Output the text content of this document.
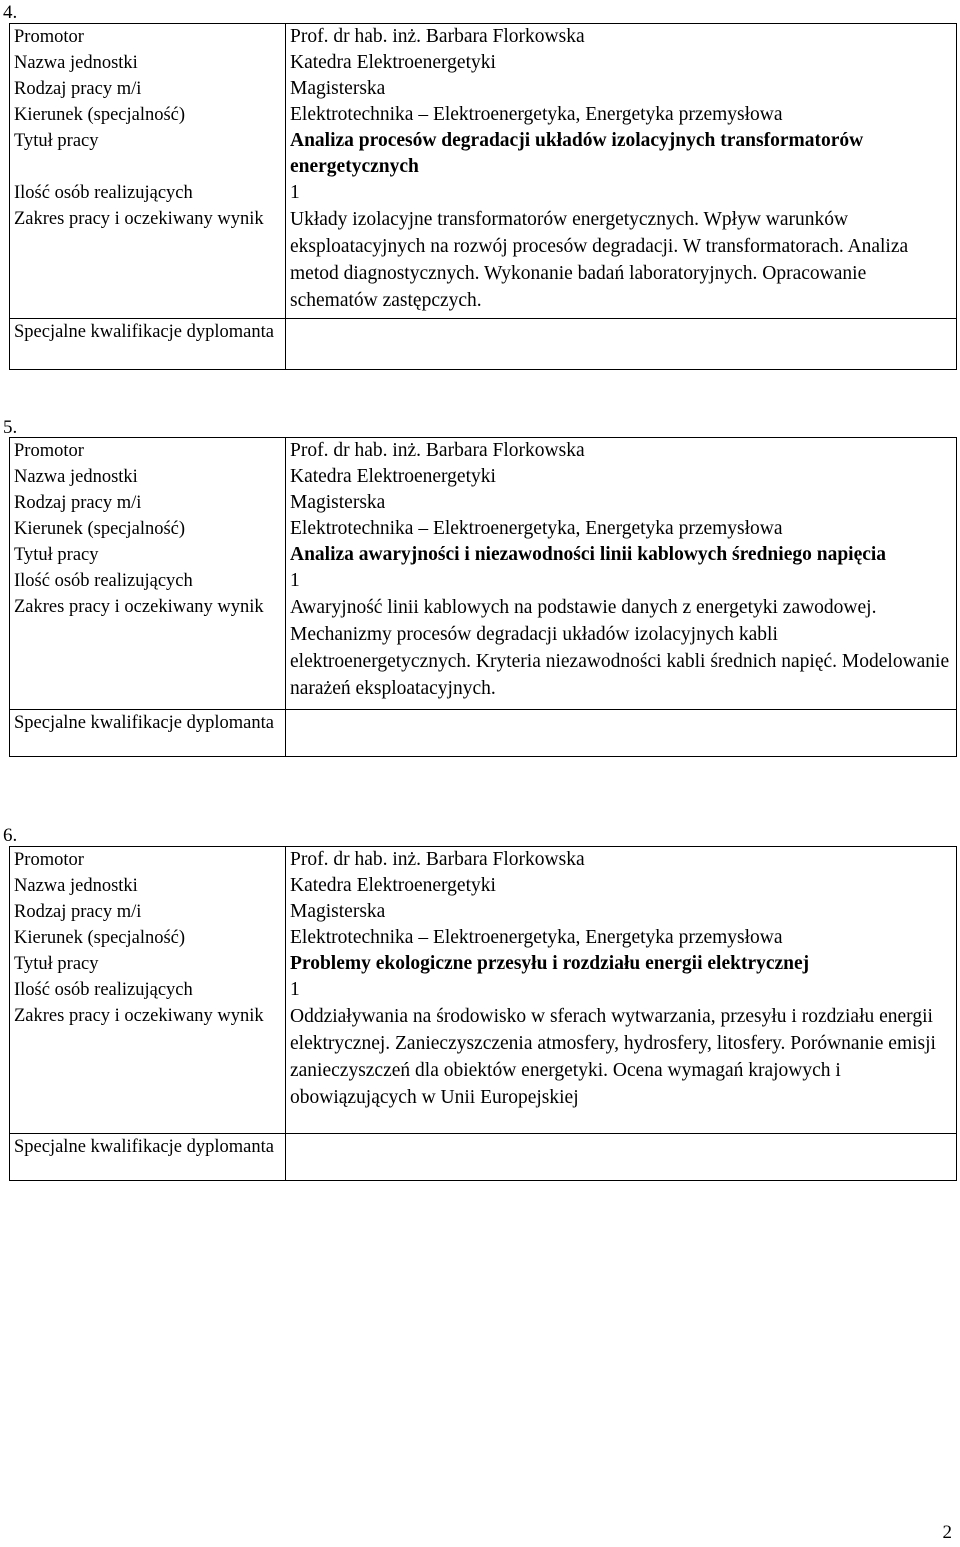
4.
Promotor	Prof. dr hab. inż. Barbara Florkowska
Nazwa jednostki	Katedra Elektroenergetyki
Rodzaj pracy m/i	Magisterska
Kierunek (specjalność)	Elektrotechnika – Elektroenergetyka, Energetyka przemysłowa
Tytuł pracy	Analiza procesów degradacji układów izolacyjnych transformatorów energetycznych
Ilość osób realizujących	1
Zakres pracy i oczekiwany wynik	Układy izolacyjne transformatorów energetycznych. Wpływ warunków eksploatacyjnych na rozwój procesów degradacji. W transformatorach. Analiza metod diagnostycznych. Wykonanie badań laboratoryjnych. Opracowanie schematów zastępczych.
Specjalne kwalifikacje dyplomanta	
5.
Promotor	Prof. dr hab. inż. Barbara Florkowska
Nazwa jednostki	Katedra Elektroenergetyki
Rodzaj pracy m/i	Magisterska
Kierunek (specjalność)	Elektrotechnika – Elektroenergetyka, Energetyka przemysłowa
Tytuł pracy	Analiza awaryjności i niezawodności linii kablowych średniego napięcia
Ilość osób realizujących	1
Zakres pracy i oczekiwany wynik	Awaryjność linii kablowych na podstawie danych z energetyki zawodowej. Mechanizmy procesów degradacji układów izolacyjnych kabli elektroenergetycznych. Kryteria niezawodności kabli średnich napięć. Modelowanie narażeń eksploatacyjnych.
Specjalne kwalifikacje dyplomanta	
6.
Promotor	Prof. dr hab. inż. Barbara Florkowska
Nazwa jednostki	Katedra Elektroenergetyki
Rodzaj pracy m/i	Magisterska
Kierunek (specjalność)	Elektrotechnika – Elektroenergetyka, Energetyka przemysłowa
Tytuł pracy	Problemy ekologiczne przesyłu i rozdziału energii elektrycznej
Ilość osób realizujących	1
Zakres pracy i oczekiwany wynik	Oddziaływania na środowisko w sferach wytwarzania, przesyłu i rozdziału energii elektrycznej. Zanieczyszczenia atmosfery, hydrosfery, litosfery. Porównanie emisji zanieczyszczeń dla obiektów energetyki. Ocena wymagań krajowych i obowiązujących w Unii Europejskiej
Specjalne kwalifikacje dyplomanta	
2
